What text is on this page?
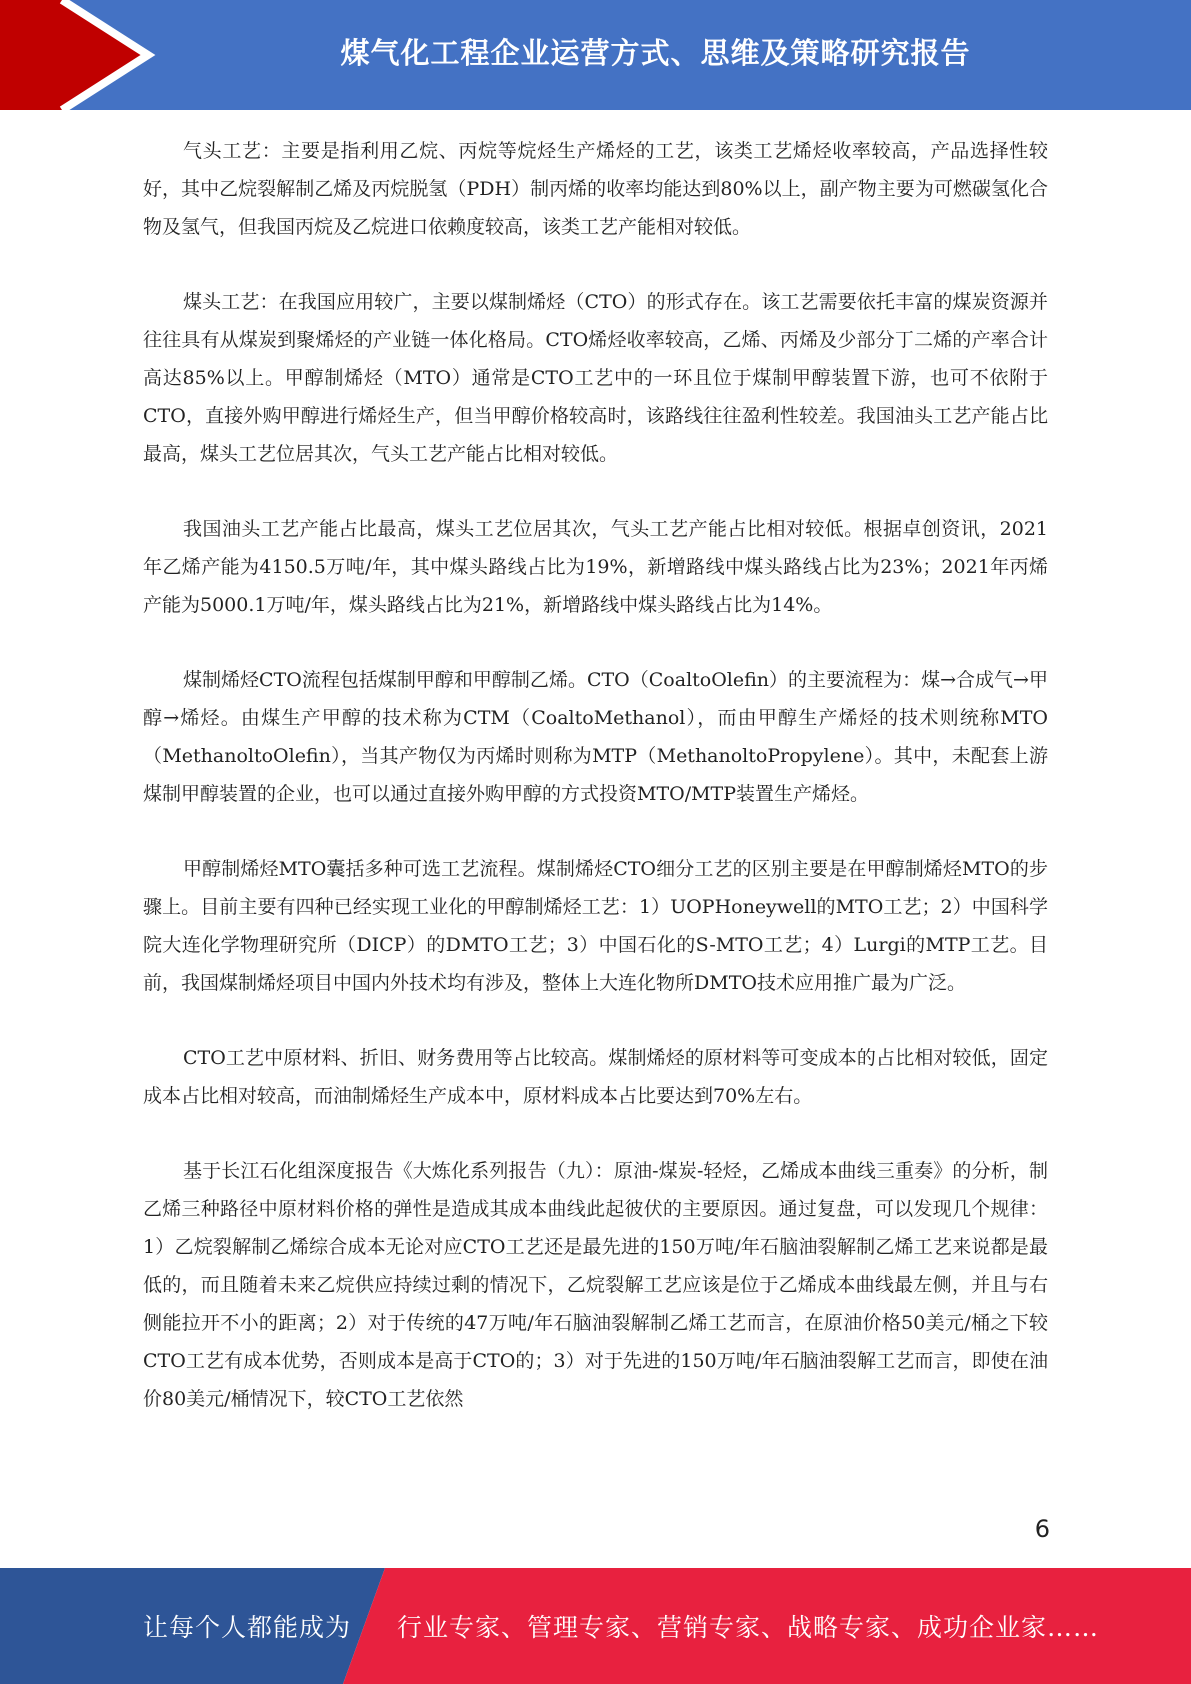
煤气化工程企业运营方式、思维及策略研究报告

气头工艺：主要是指利用乙烷、丙烷等烷烃生产烯烃的工艺，该类工艺烯烃收率较高，产品选择性较好，其中乙烷裂解制乙烯及丙烷脱氢（PDH）制丙烯的收率均能达到80%以上，副产物主要为可燃碳氢化合物及氢气，但我国丙烷及乙烷进口依赖度较高，该类工艺产能相对较低。

煤头工艺：在我国应用较广，主要以煤制烯烃（CTO）的形式存在。该工艺需要依托丰富的煤炭资源并往往具有从煤炭到聚烯烃的产业链一体化格局。CTO烯烃收率较高，乙烯、丙烯及少部分丁二烯的产率合计高达85%以上。甲醇制烯烃（MTO）通常是CTO工艺中的一环且位于煤制甲醇装置下游，也可不依附于CTO，直接外购甲醇进行烯烃生产，但当甲醇价格较高时，该路线往往盈利性较差。我国油头工艺产能占比最高，煤头工艺位居其次，气头工艺产能占比相对较低。

我国油头工艺产能占比最高，煤头工艺位居其次，气头工艺产能占比相对较低。根据卓创资讯，2021年乙烯产能为4150.5万吨/年，其中煤头路线占比为19%，新增路线中煤头路线占比为23%；2021年丙烯产能为5000.1万吨/年，煤头路线占比为21%，新增路线中煤头路线占比为14%。

煤制烯烃CTO流程包括煤制甲醇和甲醇制乙烯。CTO（CoaltoOlefin）的主要流程为：煤→合成气→甲醇→烯烃。由煤生产甲醇的技术称为CTM（CoaltoMethanol），而由甲醇生产烯烃的技术则统称MTO（MethanoltoOlefin），当其产物仅为丙烯时则称为MTP（MethanoltoPropylene）。其中，未配套上游煤制甲醇装置的企业，也可以通过直接外购甲醇的方式投资MTO/MTP装置生产烯烃。

甲醇制烯烃MTO囊括多种可选工艺流程。煤制烯烃CTO细分工艺的区别主要是在甲醇制烯烃MTO的步骤上。目前主要有四种已经实现工业化的甲醇制烯烃工艺：1）UOPHoneywell的MTO工艺；2）中国科学院大连化学物理研究所（DICP）的DMTO工艺；3）中国石化的S-MTO工艺；4）Lurgi的MTP工艺。目前，我国煤制烯烃项目中国内外技术均有涉及，整体上大连化物所DMTO技术应用推广最为广泛。

CTO工艺中原材料、折旧、财务费用等占比较高。煤制烯烃的原材料等可变成本的占比相对较低，固定成本占比相对较高，而油制烯烃生产成本中，原材料成本占比要达到70%左右。

基于长江石化组深度报告《大炼化系列报告（九）：原油-煤炭-轻烃，乙烯成本曲线三重奏》的分析，制乙烯三种路径中原材料价格的弹性是造成其成本曲线此起彼伏的主要原因。通过复盘，可以发现几个规律：1）乙烷裂解制乙烯综合成本无论对应CTO工艺还是最先进的150万吨/年石脑油裂解制乙烯工艺来说都是最低的，而且随着未来乙烷供应持续过剩的情况下，乙烷裂解工艺应该是位于乙烯成本曲线最左侧，并且与右侧能拉开不小的距离；2）对于传统的47万吨/年石脑油裂解制乙烯工艺而言，在原油价格50美元/桶之下较CTO工艺有成本优势，否则成本是高于CTO的；3）对于先进的150万吨/年石脑油裂解工艺而言，即使在油价80美元/桶情况下，较CTO工艺依然

6
让每个人都能成为 行业专家、管理专家、营销专家、战略专家、成功企业家……
